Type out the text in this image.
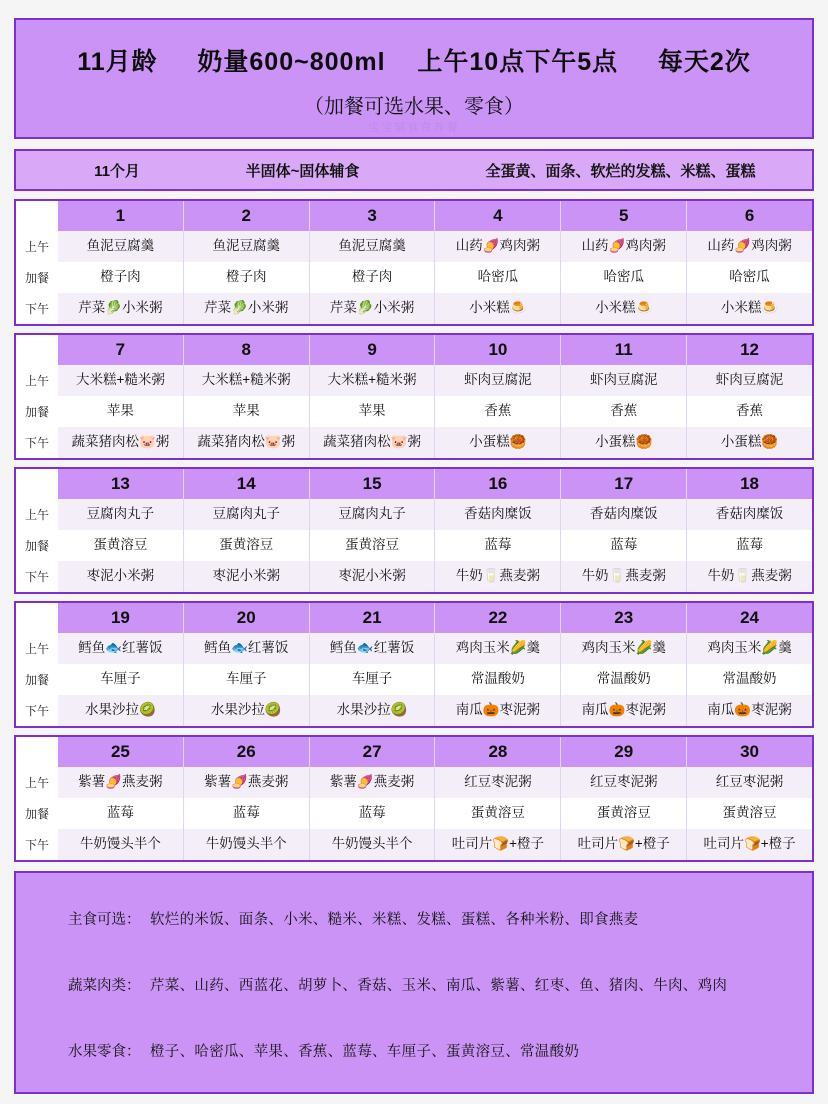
11月龄 奶量600~800ml 上午10点下午5点 每天2次
（加餐可选水果、零食）
宝宝辅食营养餐
11个月	半固体~固体辅食	全蛋黄、面条、软烂的发糕、米糕、蛋糕
上午
加餐
下午
1
鱼泥豆腐羹
橙子肉
芹菜🥬小米粥
2
鱼泥豆腐羹
橙子肉
芹菜🥬小米粥
3
鱼泥豆腐羹
橙子肉
芹菜🥬小米粥
4
山药🍠鸡肉粥
哈密瓜
小米糕🍮
5
山药🍠鸡肉粥
哈密瓜
小米糕🍮
6
山药🍠鸡肉粥
哈密瓜
小米糕🍮
上午
加餐
下午
7
大米糕+糙米粥
苹果
蔬菜猪肉松🐷粥
8
大米糕+糙米粥
苹果
蔬菜猪肉松🐷粥
9
大米糕+糙米粥
苹果
蔬菜猪肉松🐷粥
10
虾肉豆腐泥
香蕉
小蛋糕🥮
11
虾肉豆腐泥
香蕉
小蛋糕🥮
12
虾肉豆腐泥
香蕉
小蛋糕🥮
上午
加餐
下午
13
豆腐肉丸子
蛋黄溶豆
枣泥小米粥
14
豆腐肉丸子
蛋黄溶豆
枣泥小米粥
15
豆腐肉丸子
蛋黄溶豆
枣泥小米粥
16
香菇肉糜饭
蓝莓
牛奶🥛燕麦粥
17
香菇肉糜饭
蓝莓
牛奶🥛燕麦粥
18
香菇肉糜饭
蓝莓
牛奶🥛燕麦粥
上午
加餐
下午
19
鳕鱼🐟红薯饭
车厘子
水果沙拉🥝
20
鳕鱼🐟红薯饭
车厘子
水果沙拉🥝
21
鳕鱼🐟红薯饭
车厘子
水果沙拉🥝
22
鸡肉玉米🌽羹
常温酸奶
南瓜🎃枣泥粥
23
鸡肉玉米🌽羹
常温酸奶
南瓜🎃枣泥粥
24
鸡肉玉米🌽羹
常温酸奶
南瓜🎃枣泥粥
上午
加餐
下午
25
紫薯🍠燕麦粥
蓝莓
牛奶馒头半个
26
紫薯🍠燕麦粥
蓝莓
牛奶馒头半个
27
紫薯🍠燕麦粥
蓝莓
牛奶馒头半个
28
红豆枣泥粥
蛋黄溶豆
吐司片🍞+橙子
29
红豆枣泥粥
蛋黄溶豆
吐司片🍞+橙子
30
红豆枣泥粥
蛋黄溶豆
吐司片🍞+橙子
主食可选： 软烂的米饭、面条、小米、糙米、米糕、发糕、蛋糕、各种米粉、即食燕麦
蔬菜肉类： 芹菜、山药、西蓝花、胡萝卜、香菇、玉米、南瓜、紫薯、红枣、鱼、猪肉、牛肉、鸡肉
水果零食： 橙子、哈密瓜、苹果、香蕉、蓝莓、车厘子、蛋黄溶豆、常温酸奶
